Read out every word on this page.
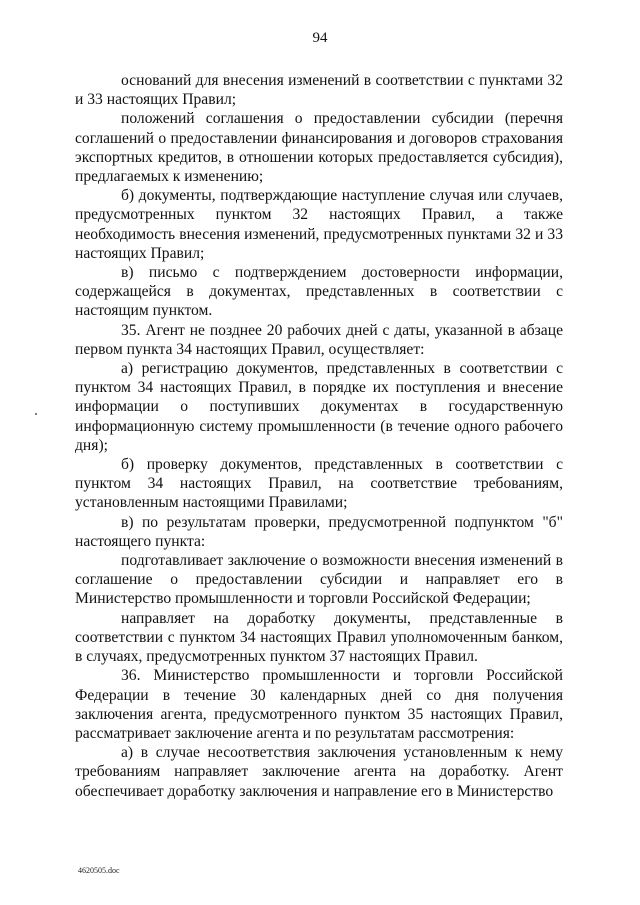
94

оснований для внесения изменений в соответствии с пунктами 32 и 33 настоящих Правил;

положений соглашения о предоставлении субсидии (перечня соглашений о предоставлении финансирования и договоров страхования экспортных кредитов, в отношении которых предоставляется субсидия), предлагаемых к изменению;

б) документы, подтверждающие наступление случая или случаев, предусмотренных пунктом 32 настоящих Правил, а также необходимость внесения изменений, предусмотренных пунктами 32 и 33 настоящих Правил;

в) письмо с подтверждением достоверности информации, содержащейся в документах, представленных в соответствии с настоящим пунктом.

35. Агент не позднее 20 рабочих дней с даты, указанной в абзаце первом пункта 34 настоящих Правил, осуществляет:

а) регистрацию документов, представленных в соответствии с пунктом 34 настоящих Правил, в порядке их поступления и внесение информации о поступивших документах в государственную информационную систему промышленности (в течение одного рабочего дня);

б) проверку документов, представленных в соответствии с пунктом 34 настоящих Правил, на соответствие требованиям, установленным настоящими Правилами;

в) по результатам проверки, предусмотренной подпунктом "б" настоящего пункта:

подготавливает заключение о возможности внесения изменений в соглашение о предоставлении субсидии и направляет его в Министерство промышленности и торговли Российской Федерации;

направляет на доработку документы, представленные в соответствии с пунктом 34 настоящих Правил уполномоченным банком, в случаях, предусмотренных пунктом 37 настоящих Правил.

36. Министерство промышленности и торговли Российской Федерации в течение 30 календарных дней со дня получения заключения агента, предусмотренного пунктом 35 настоящих Правил, рассматривает заключение агента и по результатам рассмотрения:

а) в случае несоответствия заключения установленным к нему требованиям направляет заключение агента на доработку. Агент обеспечивает доработку заключения и направление его в Министерство

4620505.doc
